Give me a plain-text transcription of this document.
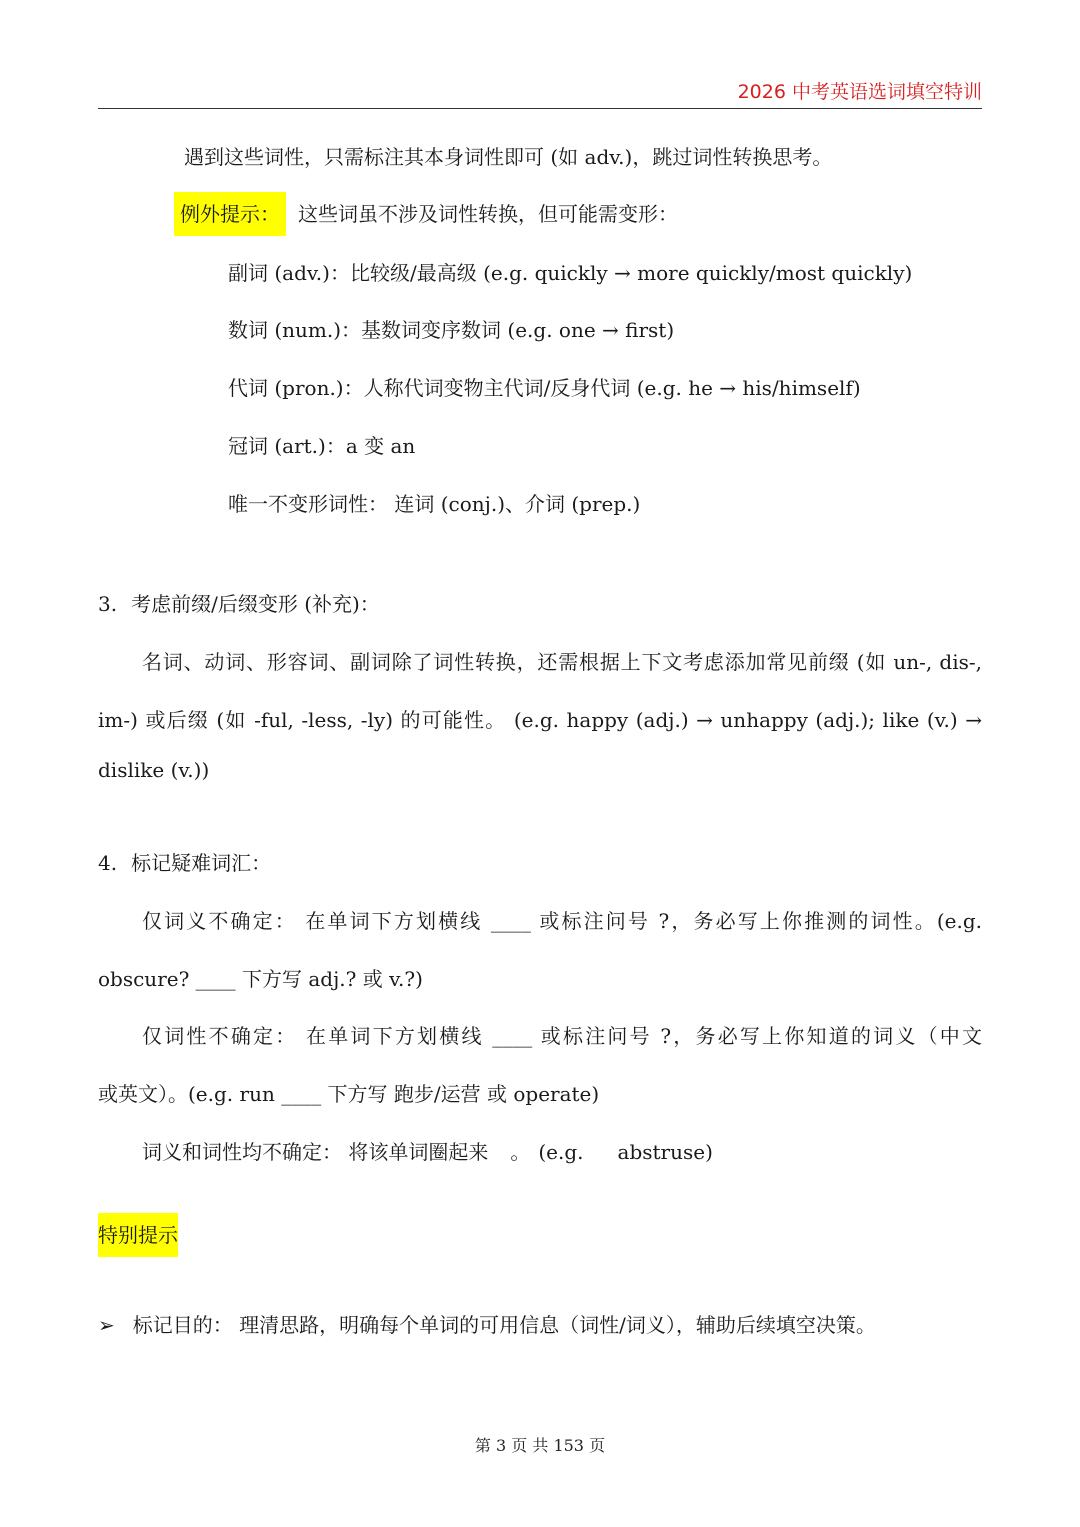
2026 中考英语选词填空特训
遇到这些词性，只需标注其本身词性即可 (如 adv.)，跳过词性转换思考。
例外提示： 这些词虽不涉及词性转换，但可能需变形：
副词 (adv.)：比较级/最高级 (e.g. quickly → more quickly/most quickly)
数词 (num.)：基数词变序数词 (e.g. one → first)
代词 (pron.)：人称代词变物主代词/反身代词 (e.g. he → his/himself)
冠词 (art.)：a 变 an
唯一不变形词性： 连词 (conj.)、介词 (prep.)
3. 考虑前缀/后缀变形 (补充)：
名词、动词、形容词、副词除了词性转换，还需根据上下文考虑添加常见前缀 (如 un-, dis-,
im-) 或后缀 (如 -ful, -less, -ly) 的可能性。 (e.g. happy (adj.) → unhappy (adj.); like (v.) →
dislike (v.))
4. 标记疑难词汇：
仅词义不确定： 在单词下方划横线 ____ 或标注问号 ?，务必写上你推测的词性。(e.g.
obscure? ____ 下方写 adj.? 或 v.?)
仅词性不确定： 在单词下方划横线 ____ 或标注问号 ?，务必写上你知道的词义（中文
或英文）。(e.g. run ____ 下方写 跑步/运营 或 operate)
词义和词性均不确定： 将该单词圈起来 。 (e.g. abstruse)
特别提示
➢ 标记目的： 理清思路，明确每个单词的可用信息（词性/词义），辅助后续填空决策。
第 3 页 共 153 页
